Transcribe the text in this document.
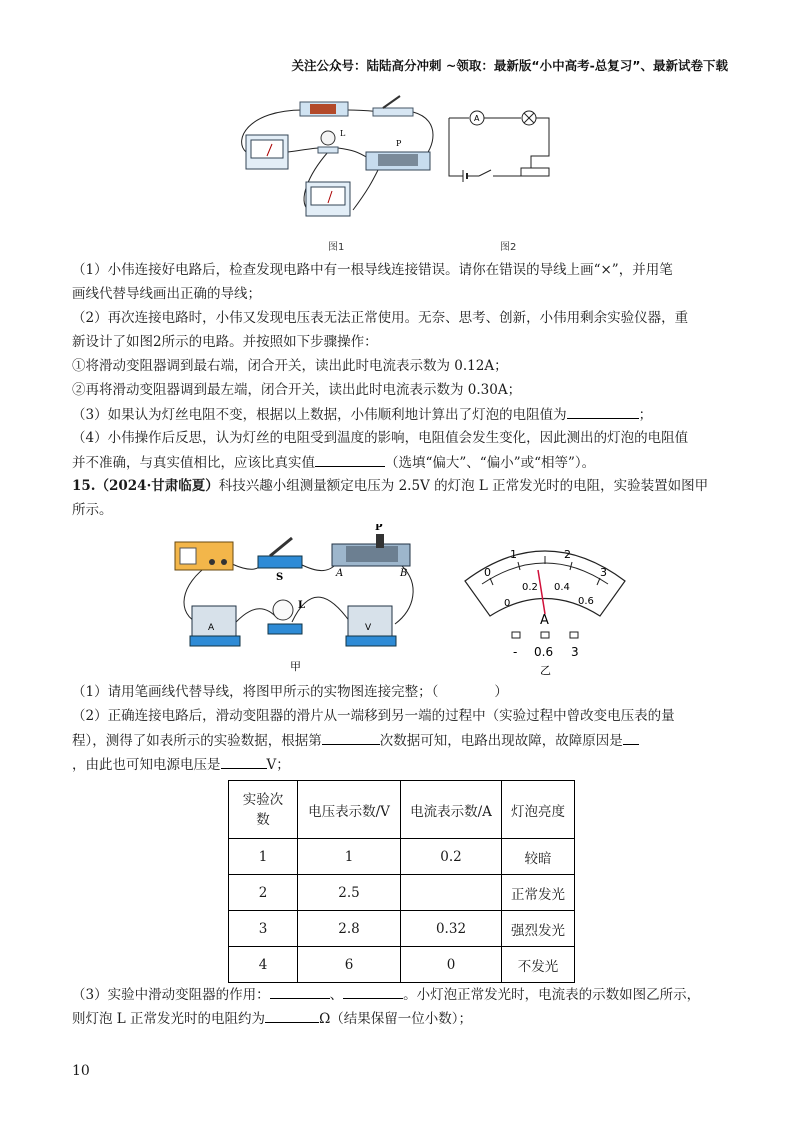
关注公众号：陆陆高分冲刺 ~领取：最新版“小中高考-总复习”、最新试卷下载
L
P
图1
A
图2
（1）小伟连接好电路后，检查发现电路中有一根导线连接错误。请你在错误的导线上画“×”，并用笔
画线代替导线画出正确的导线；
（2）再次连接电路时，小伟又发现电压表无法正常使用。无奈、思考、创新，小伟用剩余实验仪器，重
新设计了如图2所示的电路。并按照如下步骤操作：
①将滑动变阻器调到最右端，闭合开关，读出此时电流表示数为 0.12A；
②再将滑动变阻器调到最左端，闭合开关，读出此时电流表示数为 0.30A；
（3）如果认为灯丝电阻不变，根据以上数据，小伟顺利地计算出了灯泡的电阻值为	；
（4）小伟操作后反思，认为灯丝的电阻受到温度的影响，电阻值会发生变化，因此测出的灯泡的电阻值
并不准确，与真实值相比，应该比真实值	（选填“偏大”、“偏小”或“相等”）。
15.（2024·甘肃临夏）科技兴趣小组测量额定电压为 2.5V 的灯泡 L 正常发光时的电阻，实验装置如图甲
所示。
S
P
A	B
A
L
V
甲
0
1	2
3
0
0.2 0.4
0.6
A
- 0.6 3
乙
（1）请用笔画线代替导线，将图甲所示的实物图连接完整；（	）
（2）正确连接电路后，滑动变阻器的滑片从一端移到另一端的过程中（实验过程中曾改变电压表的量
程），测得了如表所示的实验数据，根据第	次数据可知，电路出现故障，故障原因是
，由此也可知电源电压是	V；
实验次
数	电压表示数/V	电流表示数/A	灯泡亮度
1	1	0.2	较暗
2	2.5		正常发光
3	2.8	0.32	强烈发光
4	6	0	不发光
（3）实验中滑动变阻器的作用：	、	。小灯泡正常发光时，电流表的示数如图乙所示，
则灯泡 L 正常发光时的电阻约为	Ω（结果保留一位小数）；
10
